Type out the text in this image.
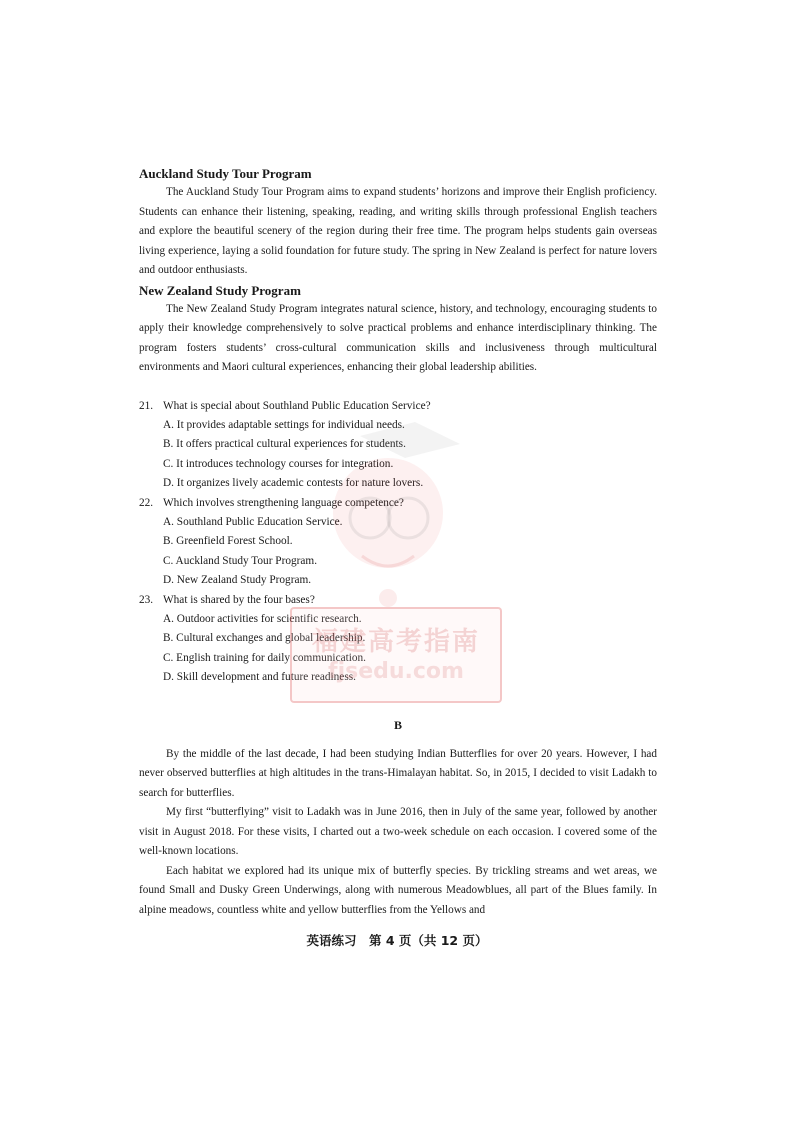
Auckland Study Tour Program

The Auckland Study Tour Program aims to expand students’ horizons and improve their English proficiency. Students can enhance their listening, speaking, reading, and writing skills through professional English teachers and explore the beautiful scenery of the region during their free time. The program helps students gain overseas living experience, laying a solid foundation for future study. The spring in New Zealand is perfect for nature lovers and outdoor enthusiasts.

New Zealand Study Program

The New Zealand Study Program integrates natural science, history, and technology, encouraging students to apply their knowledge comprehensively to solve practical problems and enhance interdisciplinary thinking. The program fosters students’ cross-cultural communication skills and inclusiveness through multicultural environments and Maori cultural experiences, enhancing their global leadership abilities.

21. What is special about Southland Public Education Service?

A. It provides adaptable settings for individual needs.

B. It offers practical cultural experiences for students.

C. It introduces technology courses for integration.

D. It organizes lively academic contests for nature lovers.

22. Which involves strengthening language competence?

A. Southland Public Education Service.

B. Greenfield Forest School.

C. Auckland Study Tour Program.

D. New Zealand Study Program.

23. What is shared by the four bases?

A. Outdoor activities for scientific research.

B. Cultural exchanges and global leadership.

C. English training for daily communication.

D. Skill development and future readiness.

B

By the middle of the last decade, I had been studying Indian Butterflies for over 20 years. However, I had never observed butterflies at high altitudes in the trans-Himalayan habitat. So, in 2015, I decided to visit Ladakh to search for butterflies.

My first “butterflying” visit to Ladakh was in June 2016, then in July of the same year, followed by another visit in August 2018. For these visits, I charted out a two-week schedule on each occasion. I covered some of the well-known locations.

Each habitat we explored had its unique mix of butterfly species. By trickling streams and wet areas, we found Small and Dusky Green Underwings, along with numerous Meadowblues, all part of the Blues family. In alpine meadows, countless white and yellow butterflies from the Yellows and

福建高考指南
fjsedu.com
英语练习　第 4 页（共 12 页）
